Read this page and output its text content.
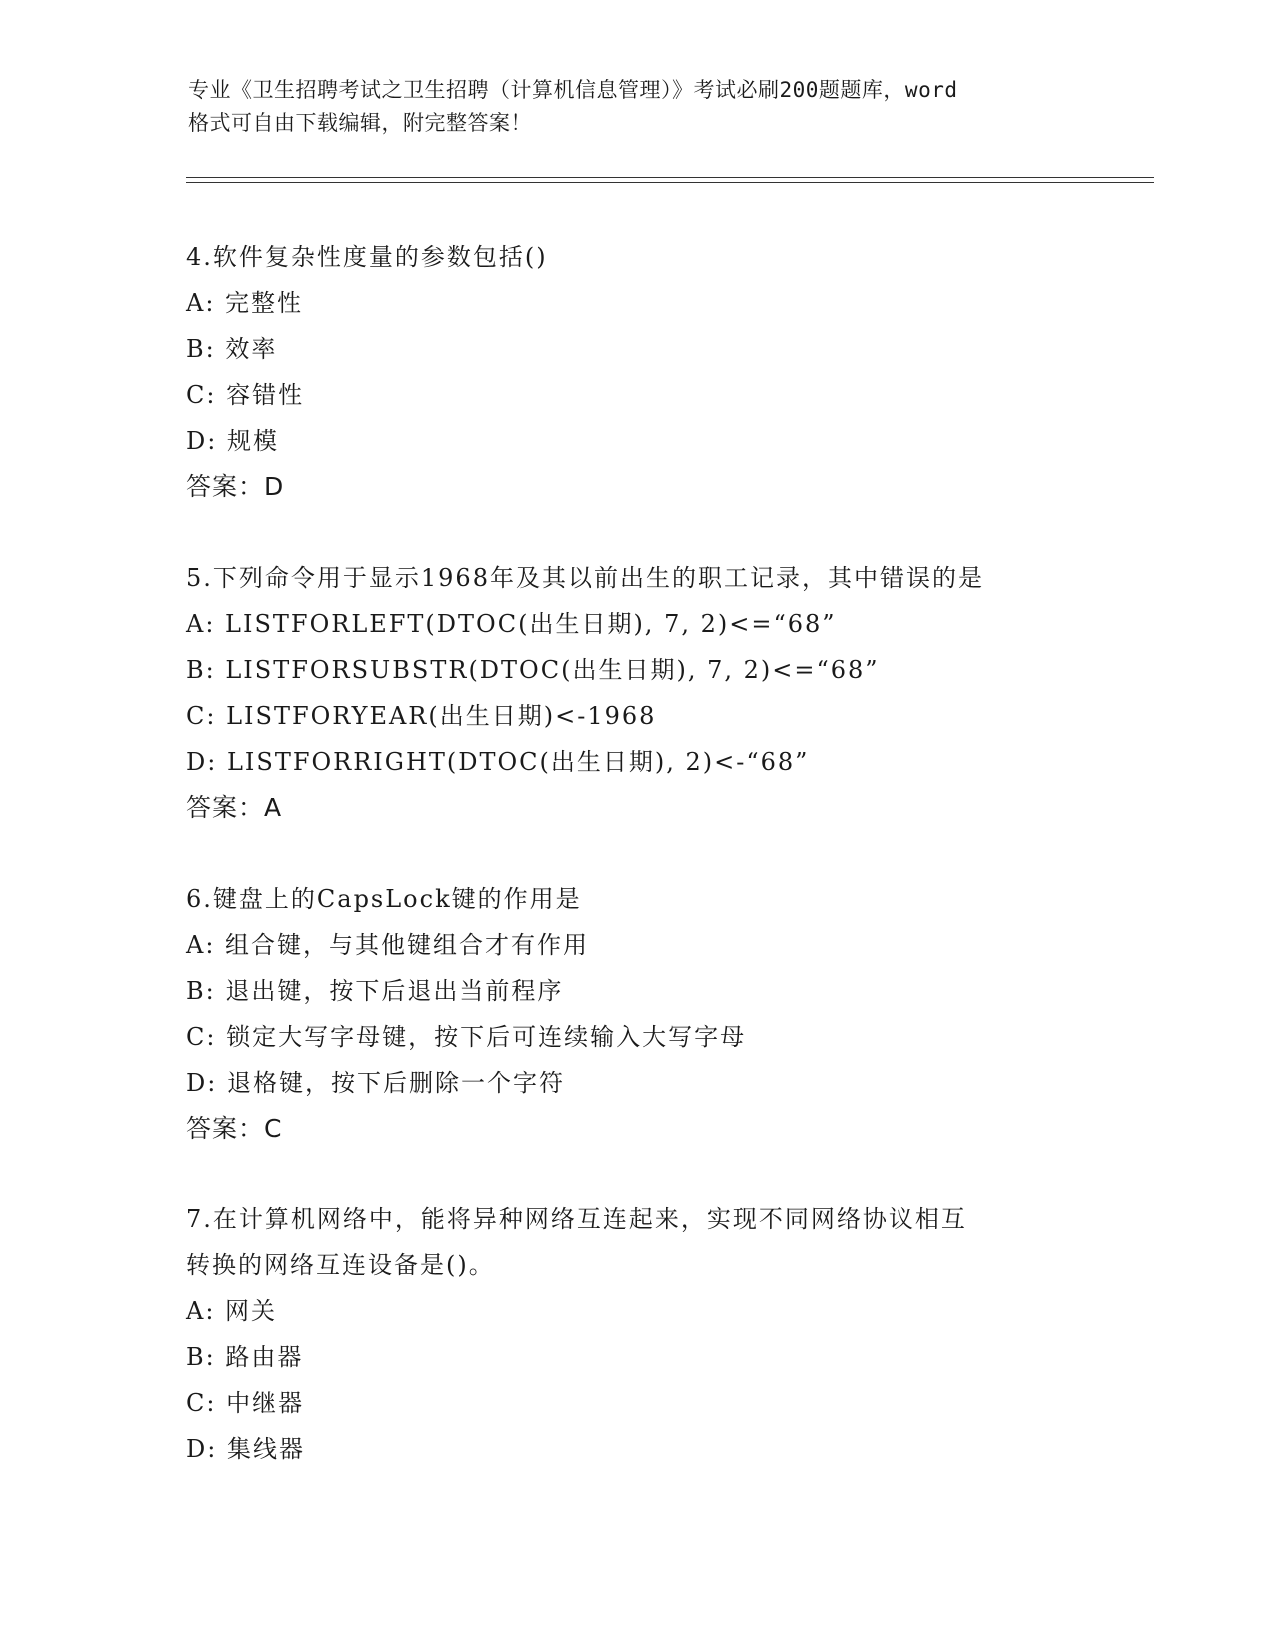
专业《卫生招聘考试之卫生招聘（计算机信息管理）》考试必刷200题题库，word
格式可自由下载编辑，附完整答案！
4.软件复杂性度量的参数包括()
A: 完整性
B: 效率
C: 容错性
D: 规模
答案：D
5.下列命令用于显示1968年及其以前出生的职工记录，其中错误的是
A: LISTFORLEFT(DTOC(出生日期), 7, 2)<=“68”
B: LISTFORSUBSTR(DTOC(出生日期), 7, 2)<=“68”
C: LISTFORYEAR(出生日期)<-1968
D: LISTFORRIGHT(DTOC(出生日期), 2)<-“68”
答案：A
6.键盘上的CapsLock键的作用是
A: 组合键，与其他键组合才有作用
B: 退出键，按下后退出当前程序
C: 锁定大写字母键，按下后可连续输入大写字母
D: 退格键，按下后删除一个字符
答案：C
7.在计算机网络中，能将异种网络互连起来，实现不同网络协议相互
转换的网络互连设备是()。
A: 网关
B: 路由器
C: 中继器
D: 集线器
